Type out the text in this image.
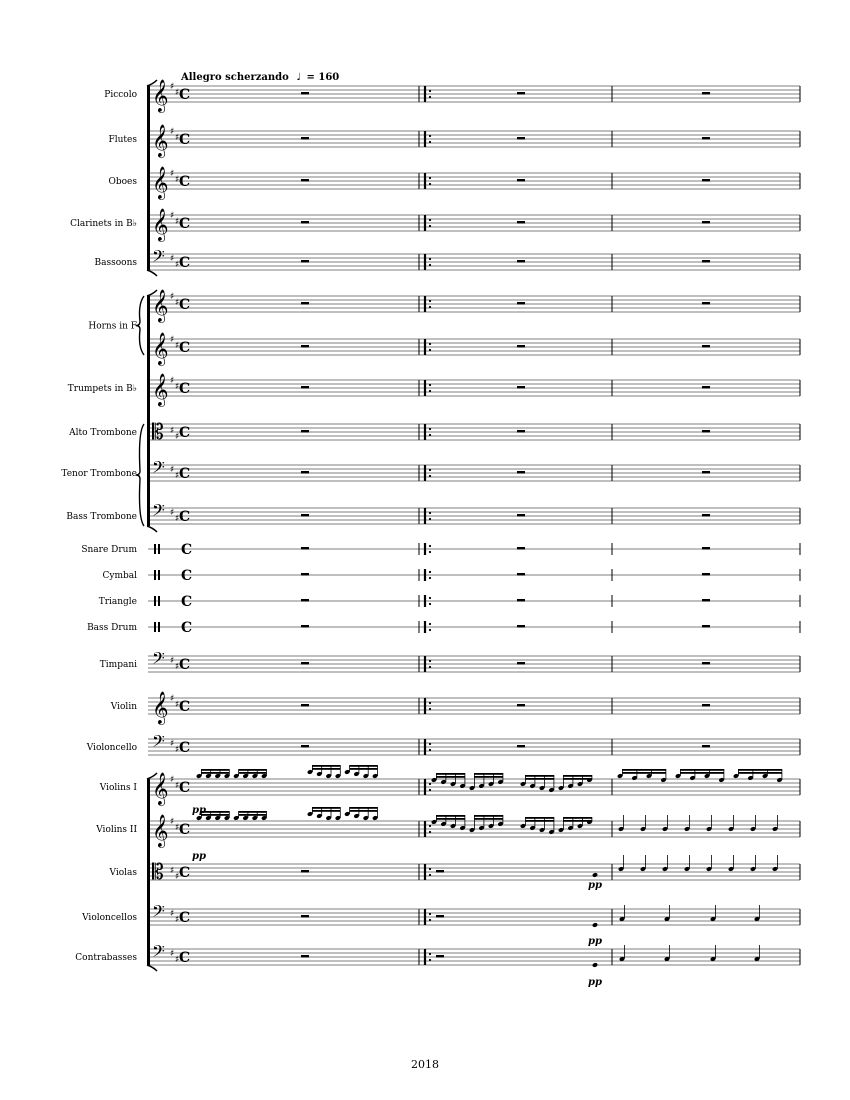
𝄞 ♯
♯ C
𝄞 ♯
♯ C
𝄞 ♯
♯ C
𝄞 ♯
♯ C
𝄢 ♯
♯ C
𝄞 ♯
♯ C
𝄞 ♯
♯ C
𝄞 ♯
♯ C
𝄡 ♯
♯ C
𝄢 ♯
♯ C
𝄢 ♯
♯ C
C
C
C
C
𝄢 ♯
♯ C
𝄞 ♯
♯ C
𝄢 ♯
♯ C
𝄞 ♯
♯ C
𝄞 ♯
♯ C
𝄡 ♯
♯ C
𝄢 ♯
♯ C
𝄢 ♯
♯ C
Allegro scherzando ♩ = 160
Piccolo
Flutes
Oboes
Clarinets in B♭
Bassoons
Trumpets in B♭
Alto Trombone
Tenor Trombone
Bass Trombone
Snare Drum
Cymbal
Triangle
Bass Drum
Timpani
Violin
Violoncello
Violins I
Violins II
Violas
Violoncellos
Contrabasses
Horns in F
pp
pp
pp
pp
pp
2018
